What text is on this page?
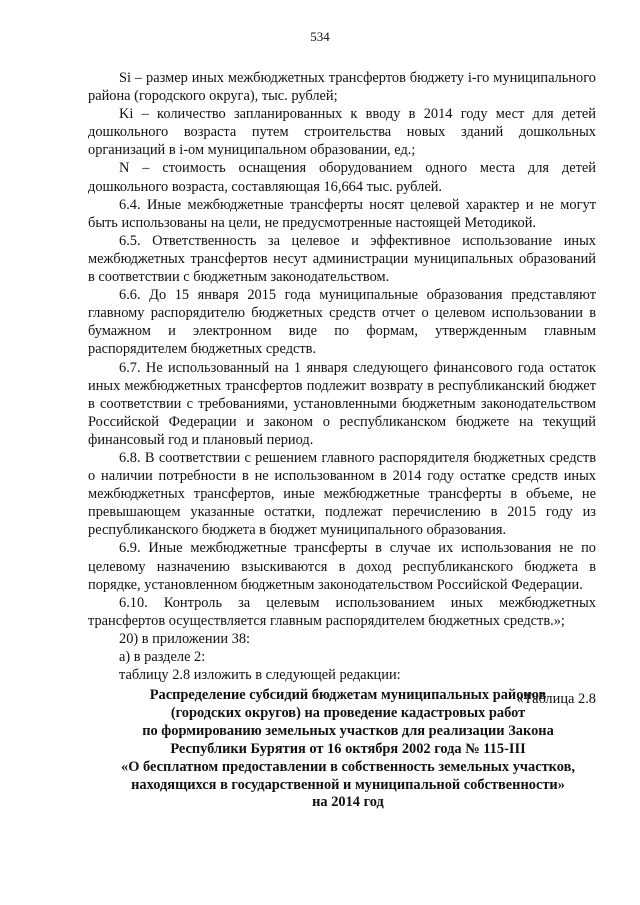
534

Si – размер иных межбюджетных трансфертов бюджету i-го муниципального района (городского округа), тыс. рублей;

Ki – количество запланированных к вводу в 2014 году мест для детей дошкольного возраста путем строительства новых зданий дошкольных организаций в i-ом муниципальном образовании, ед.;

N – стоимость оснащения оборудованием одного места для детей дошкольного возраста, составляющая 16,664 тыс. рублей.

6.4. Иные межбюджетные трансферты носят целевой характер и не могут быть использованы на цели, не предусмотренные настоящей Методикой.

6.5. Ответственность за целевое и эффективное использование иных межбюджетных трансфертов несут администрации муниципальных образований в соответствии с бюджетным законодательством.

6.6. До 15 января 2015 года муниципальные образования представляют главному распорядителю бюджетных средств отчет о целевом использовании в бумажном и электронном виде по формам, утвержденным главным распорядителем бюджетных средств.

6.7. Не использованный на 1 января следующего финансового года остаток иных межбюджетных трансфертов подлежит возврату в республиканский бюджет в соответствии с требованиями, установленными бюджетным законодательством Российской Федерации и законом о республиканском бюджете на текущий финансовый год и плановый период.

6.8. В соответствии с решением главного распорядителя бюджетных средств о наличии потребности в не использованном в 2014 году остатке средств иных межбюджетных трансфертов, иные межбюджетные трансферты в объеме, не превышающем указанные остатки, подлежат перечислению в 2015 году из республиканского бюджета в бюджет муниципального образования.

6.9. Иные межбюджетные трансферты в случае их использования не по целевому назначению взыскиваются в доход республиканского бюджета в порядке, установленном бюджетным законодательством Российской Федерации.

6.10. Контроль за целевым использованием иных межбюджетных трансфертов осуществляется главным распорядителем бюджетных средств.»;

20) в приложении 38:

а) в разделе 2:

таблицу 2.8 изложить в следующей редакции:

«Таблица 2.8

Распределение субсидий бюджетам муниципальных районов
(городских округов) на проведение кадастровых работ
по формированию земельных участков для реализации Закона
Республики Бурятия от 16 октября 2002 года № 115-III
«О бесплатном предоставлении в собственность земельных участков,
находящихся в государственной и муниципальной собственности»
на 2014 год
